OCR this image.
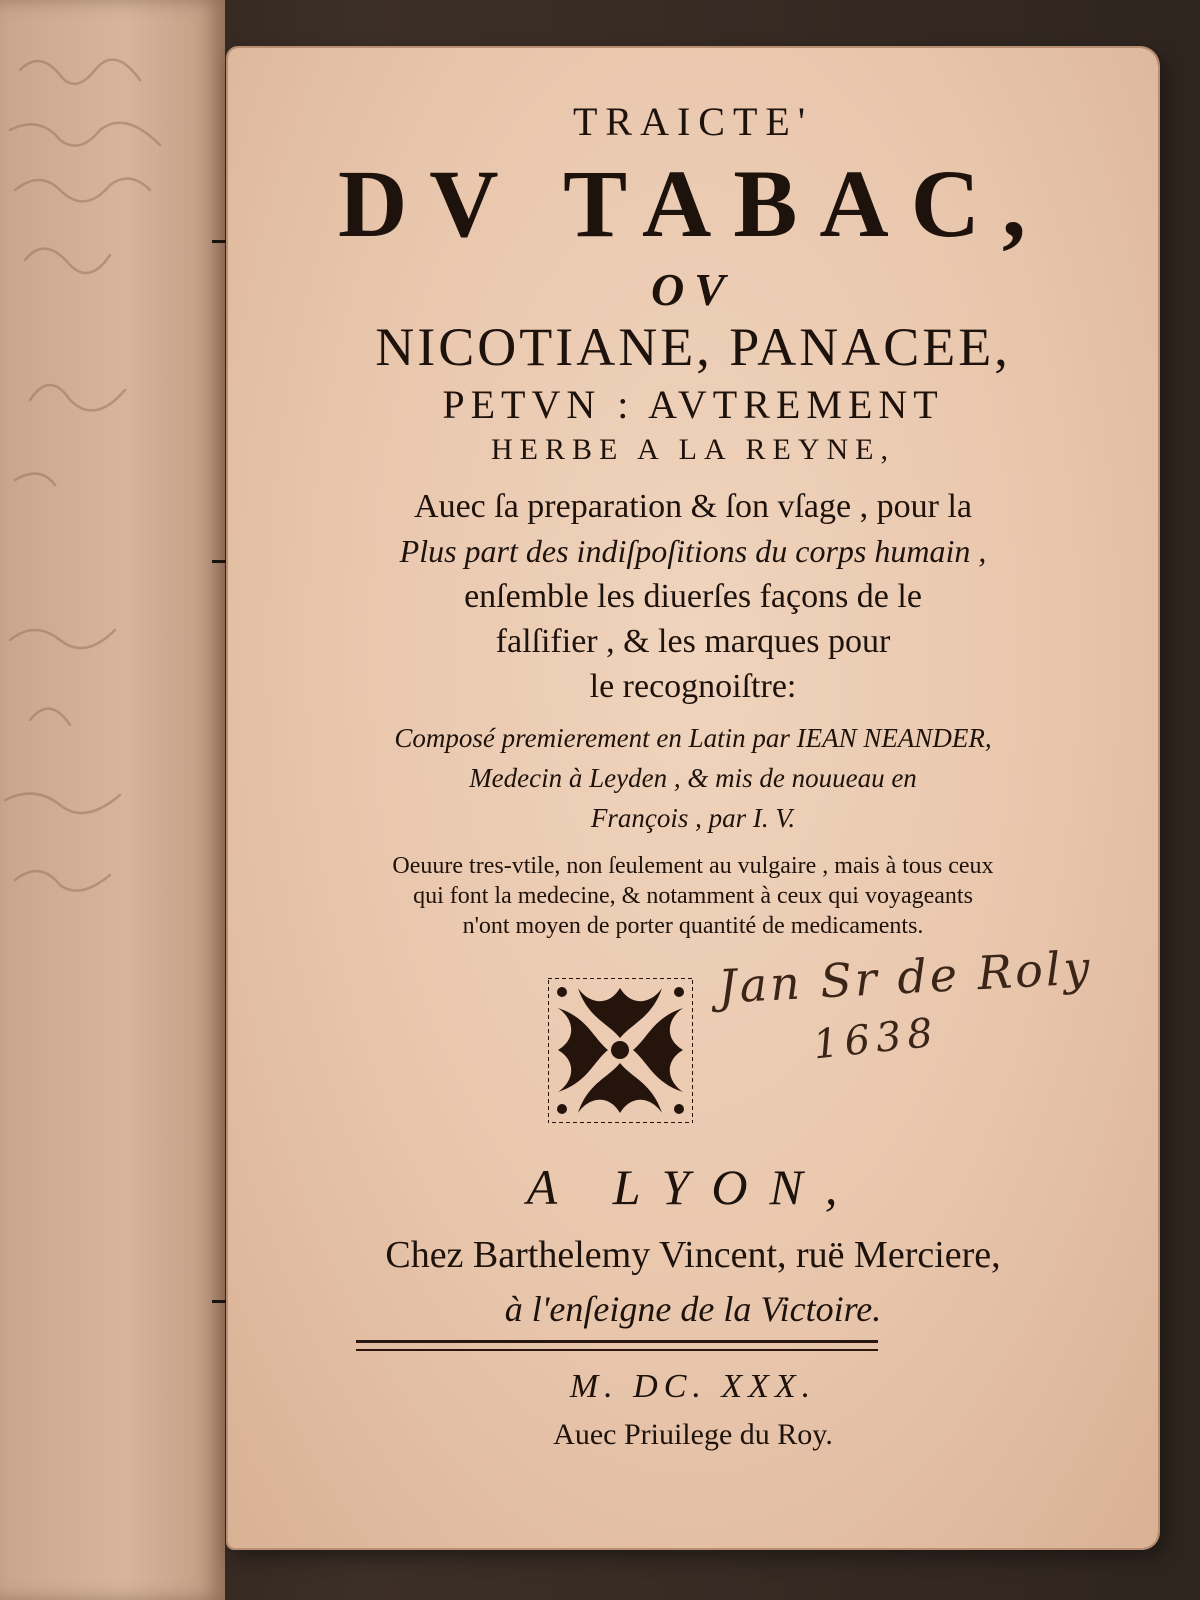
TRAICTE'
DV TABAC,
OV
NICOTIANE, PANACEE,
PETVN : AVTREMENT
HERBE A LA REYNE,
Auec ſa preparation & ſon vſage , pour la
Plus part des indiſpoſitions du corps humain ,
enſemble les diuerſes façons de le
falſifier , & les marques pour
le recognoiſtre:
Composé premierement en Latin par IEAN NEANDER,
Medecin à Leyden , & mis de nouueau en
François , par I. V.
Oeuure tres-vtile, non ſeulement au vulgaire , mais à tous ceux
qui font la medecine, & notamment à ceux qui voyageants
n'ont moyen de porter quantité de medicaments.
Jan Sr de Roly
1638
A LYON,
Chez Barthelemy Vincent, ruë Merciere,
à l'enſeigne de la Victoire.
M. DC. XXX.
Auec Priuilege du Roy.
